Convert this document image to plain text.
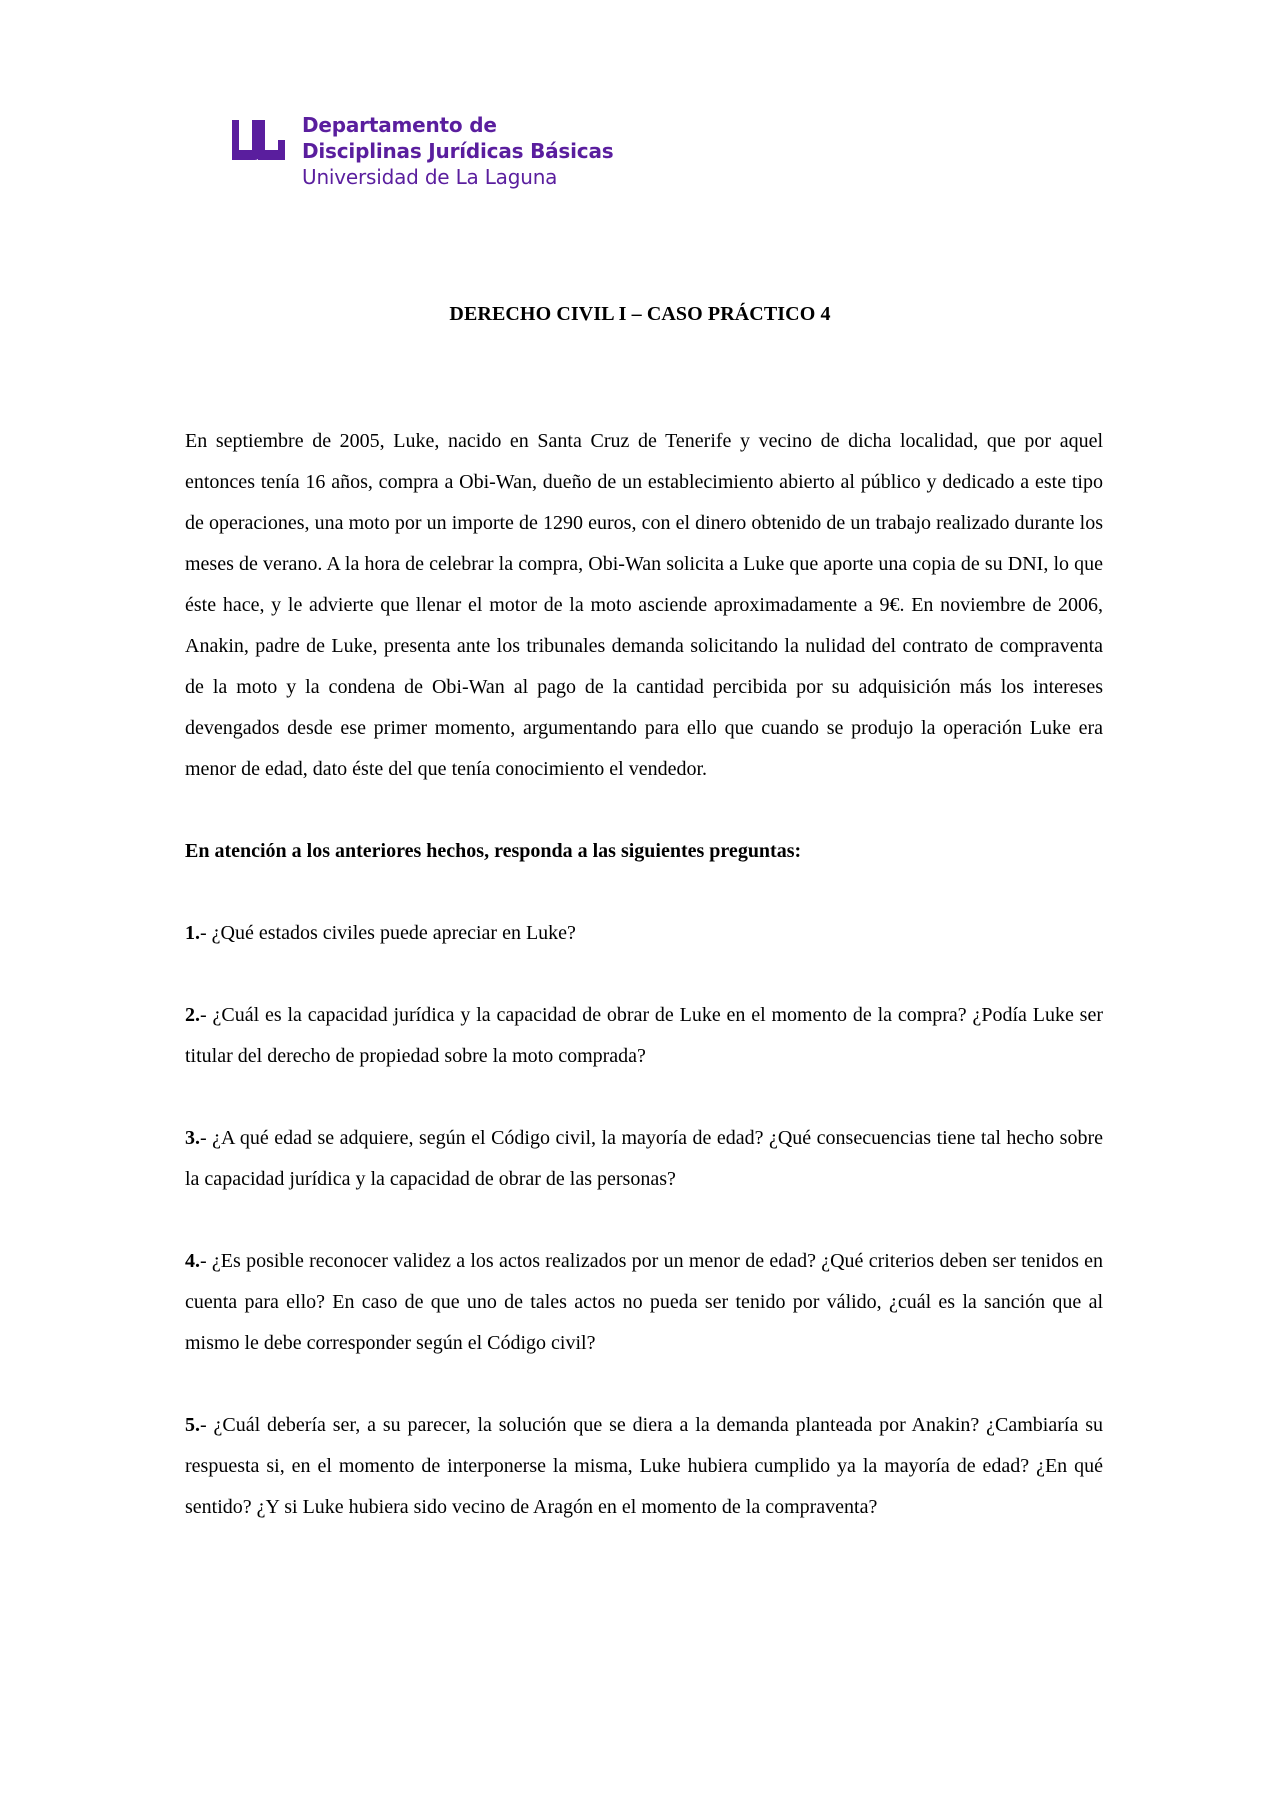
Departamento de
Disciplinas Jurídicas Básicas
Universidad de La Laguna
DERECHO CIVIL I – CASO PRÁCTICO 4

En septiembre de 2005, Luke, nacido en Santa Cruz de Tenerife y vecino de dicha localidad, que por aquel entonces tenía 16 años, compra a Obi-Wan, dueño de un establecimiento abierto al público y dedicado a este tipo de operaciones, una moto por un importe de 1290 euros, con el dinero obtenido de un trabajo realizado durante los meses de verano. A la hora de celebrar la compra, Obi-Wan solicita a Luke que aporte una copia de su DNI, lo que éste hace, y le advierte que llenar el motor de la moto asciende aproximadamente a 9€. En noviembre de 2006, Anakin, padre de Luke, presenta ante los tribunales demanda solicitando la nulidad del contrato de compraventa de la moto y la condena de Obi-Wan al pago de la cantidad percibida por su adquisición más los intereses devengados desde ese primer momento, argumentando para ello que cuando se produjo la operación Luke era menor de edad, dato éste del que tenía conocimiento el vendedor.

En atención a los anteriores hechos, responda a las siguientes preguntas:

1.- ¿Qué estados civiles puede apreciar en Luke?

2.- ¿Cuál es la capacidad jurídica y la capacidad de obrar de Luke en el momento de la compra? ¿Podía Luke ser titular del derecho de propiedad sobre la moto comprada?

3.- ¿A qué edad se adquiere, según el Código civil, la mayoría de edad? ¿Qué consecuencias tiene tal hecho sobre la capacidad jurídica y la capacidad de obrar de las personas?

4.- ¿Es posible reconocer validez a los actos realizados por un menor de edad? ¿Qué criterios deben ser tenidos en cuenta para ello? En caso de que uno de tales actos no pueda ser tenido por válido, ¿cuál es la sanción que al mismo le debe corresponder según el Código civil?

5.- ¿Cuál debería ser, a su parecer, la solución que se diera a la demanda planteada por Anakin? ¿Cambiaría su respuesta si, en el momento de interponerse la misma, Luke hubiera cumplido ya la mayoría de edad? ¿En qué sentido? ¿Y si Luke hubiera sido vecino de Aragón en el momento de la compraventa?
